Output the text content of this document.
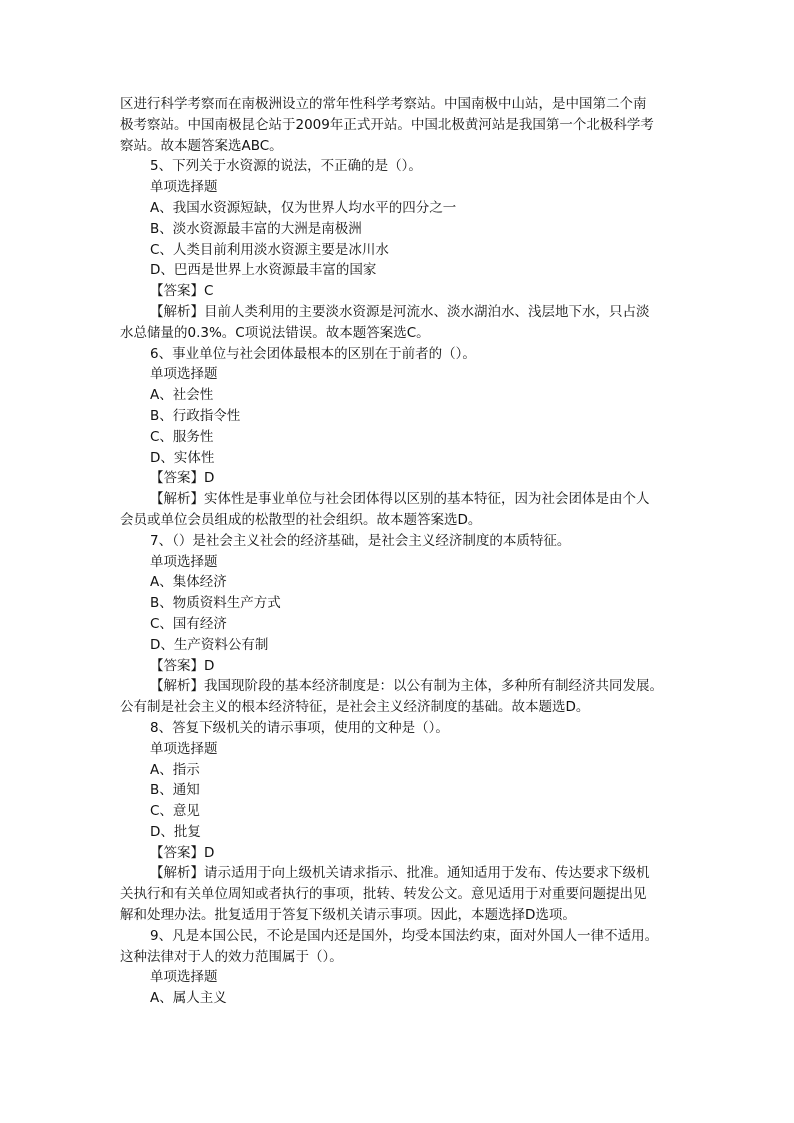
区进行科学考察而在南极洲设立的常年性科学考察站。中国南极中山站，是中国第二个南
极考察站。中国南极昆仑站于2009年正式开站。中国北极黄河站是我国第一个北极科学考
察站。故本题答案选ABC。
5、下列关于水资源的说法，不正确的是（）。
单项选择题
A、我国水资源短缺，仅为世界人均水平的四分之一
B、淡水资源最丰富的大洲是南极洲
C、人类目前利用淡水资源主要是冰川水
D、巴西是世界上水资源最丰富的国家
【答案】C
【解析】目前人类利用的主要淡水资源是河流水、淡水湖泊水、浅层地下水，只占淡
水总储量的0.3%。C项说法错误。故本题答案选C。
6、事业单位与社会团体最根本的区别在于前者的（）。
单项选择题
A、社会性
B、行政指令性
C、服务性
D、实体性
【答案】D
【解析】实体性是事业单位与社会团体得以区别的基本特征，因为社会团体是由个人
会员或单位会员组成的松散型的社会组织。故本题答案选D。
7、（）是社会主义社会的经济基础，是社会主义经济制度的本质特征。
单项选择题
A、集体经济
B、物质资料生产方式
C、国有经济
D、生产资料公有制
【答案】D
【解析】我国现阶段的基本经济制度是：以公有制为主体，多种所有制经济共同发展。
公有制是社会主义的根本经济特征，是社会主义经济制度的基础。故本题选D。
8、答复下级机关的请示事项，使用的文种是（）。
单项选择题
A、指示
B、通知
C、意见
D、批复
【答案】D
【解析】请示适用于向上级机关请求指示、批准。通知适用于发布、传达要求下级机
关执行和有关单位周知或者执行的事项，批转、转发公文。意见适用于对重要问题提出见
解和处理办法。批复适用于答复下级机关请示事项。因此，本题选择D选项。
9、凡是本国公民，不论是国内还是国外，均受本国法约束，面对外国人一律不适用。
这种法律对于人的效力范围属于（）。
单项选择题
A、属人主义
